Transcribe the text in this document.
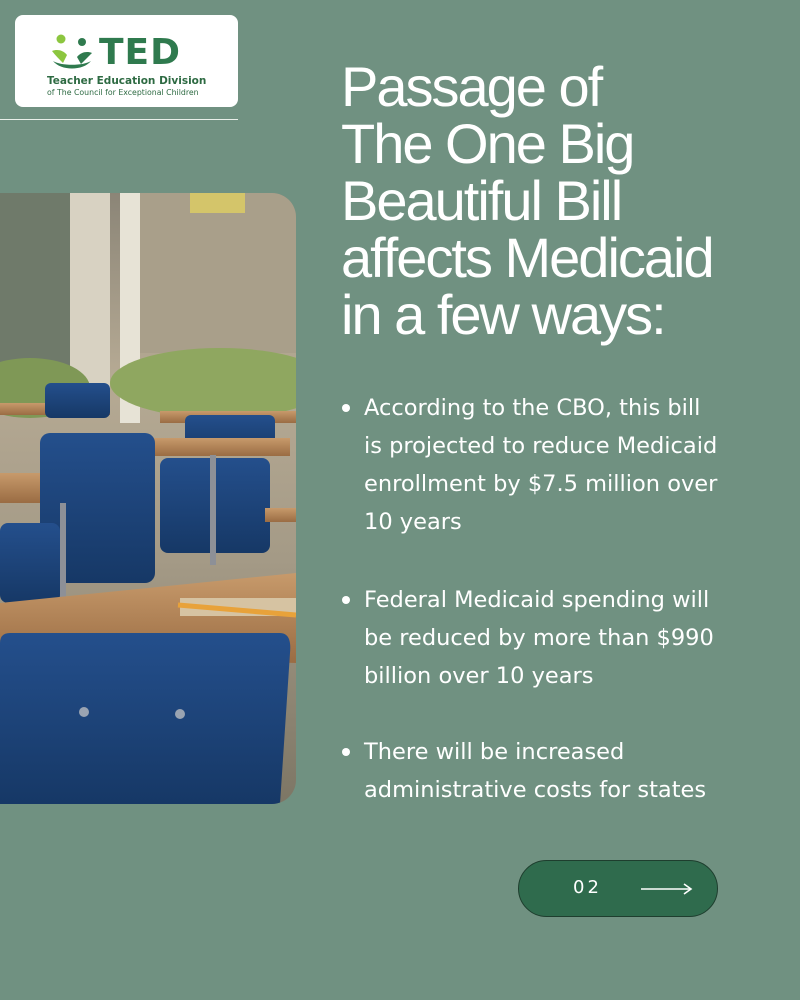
TED
Teacher Education Division
of The Council for Exceptional Children	Passage of
The One Big
Beautiful Bill
affects Medicaid
in a few ways:
According to the CBO, this bill
is projected to reduce Medicaid
enrollment by $7.5 million over
10 years
Federal Medicaid spending will
be reduced by more than $990
billion over 10 years
There will be increased
administrative costs for states
02
